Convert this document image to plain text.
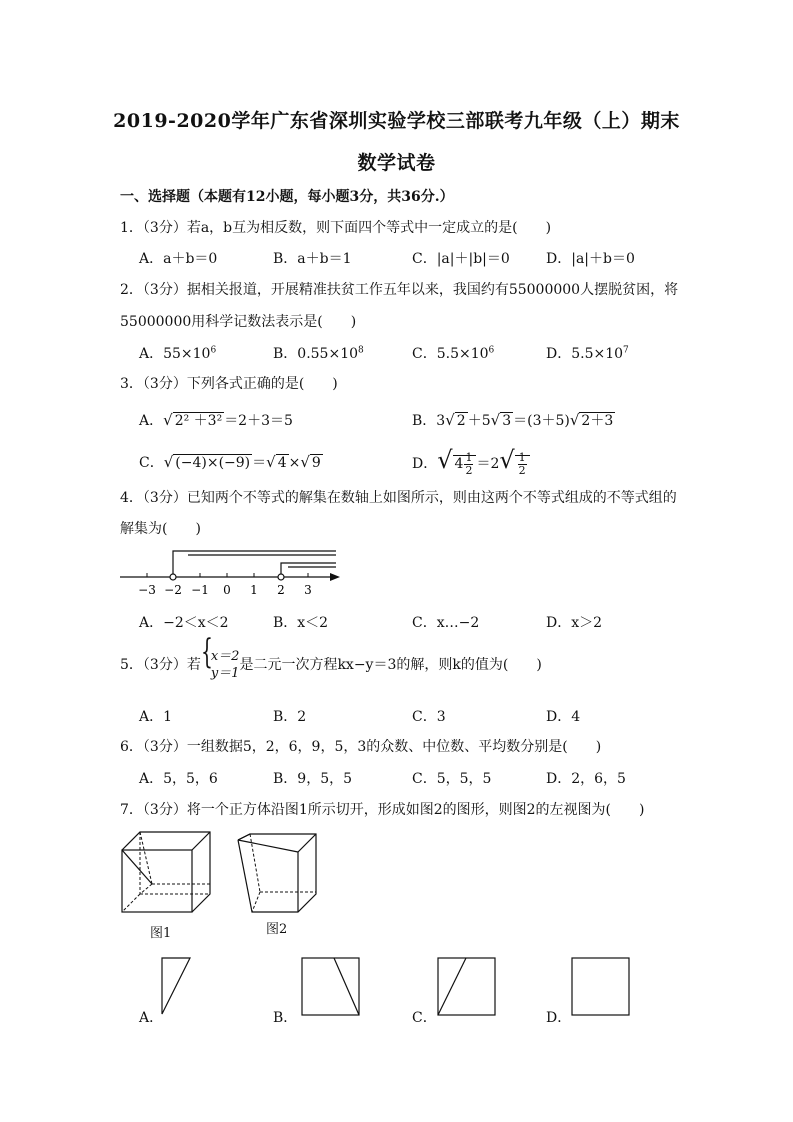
2019-2020学年广东省深圳实验学校三部联考九年级（上）期末
数学试卷
一、选择题（本题有12小题，每小题3分，共36分.）
1．（3分）若a，b互为相反数，则下面四个等式中一定成立的是(　　)
A．a＋b＝0	B．a＋b＝1	C．|a|＋|b|＝0	D．|a|＋b＝0
2．（3分）据相关报道，开展精准扶贫工作五年以来，我国约有55000000人摆脱贫困，将
55000000用科学记数法表示是(　　)
A．$55\times 10^6$	B．$0.55\times 10^8$	C．$5.5\times 10^6$	D．$5.5\times 10^7$
3．（3分）下列各式正确的是(　　)
A．√ 2² ＋3² ＝2＋3＝5	B．3√ 2 ＋5√ 3 ＝(3＋5)√ 2＋3
C．√ (−4)×(−9) ＝√ 4 ×√ 9	D．√ $4 \frac{1}{2} =2√ \frac{1}{2}$
4．（3分）已知两个不等式的解集在数轴上如图所示，则由这两个不等式组成的不等式组的
解集为(　　)
−3 −2 −1 0 1 2 3
A．−2＜x＜2	B．x＜2	C．x…−2	D．x＞2
5．（3分）若 {
x＝2
y＝1
是二元一次方程kx−y＝3的解，则k的值为(　　)
A．1	B．2	C．3	D．4
6．（3分）一组数据5，2，6，9，5，3的众数、中位数、平均数分别是(　　)
A．5，5，6	B．9，5，5	C．5，5，5	D．2，6，5
7．（3分）将一个正方体沿图1所示切开，形成如图2的图形，则图2的左视图为(　　)
图1	图2
A．	B．	C．	D．
